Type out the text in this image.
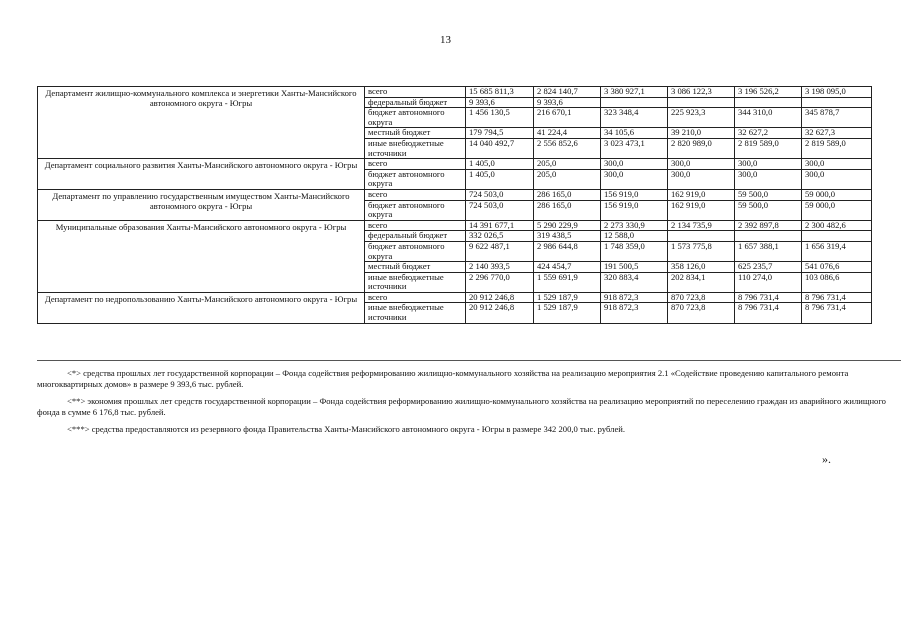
13
Департамент жилищно-коммунального комплекса и энергетики Ханты-Мансийского автономного округа - Югры	всего	15 685 811,3	2 824 140,7	3 380 927,1	3 086 122,3	3 196 526,2	3 198 095,0
	федеральный бюджет	9 393,6	9 393,6				
	бюджет автономного округа	1 456 130,5	216 670,1	323 348,4	225 923,3	344 310,0	345 878,7
	местный бюджет	179 794,5	41 224,4	34 105,6	39 210,0	32 627,2	32 627,3
	иные внебюджетные источники	14 040 492,7	2 556 852,6	3 023 473,1	2 820 989,0	2 819 589,0	2 819 589,0
Департамент социального развития Ханты-Мансийского автономного округа - Югры	всего	1 405,0	205,0	300,0	300,0	300,0	300,0
	бюджет автономного округа	1 405,0	205,0	300,0	300,0	300,0	300,0
Департамент по управлению государственным имуществом Ханты-Мансийского автономного округа - Югры	всего	724 503,0	286 165,0	156 919,0	162 919,0	59 500,0	59 000,0
	бюджет автономного округа	724 503,0	286 165,0	156 919,0	162 919,0	59 500,0	59 000,0
Муниципальные образования Ханты-Мансийского автономного округа - Югры	всего	14 391 677,1	5 290 229,9	2 273 330,9	2 134 735,9	2 392 897,8	2 300 482,6
	федеральный бюджет	332 026,5	319 438,5	12 588,0			
	бюджет автономного округа	9 622 487,1	2 986 644,8	1 748 359,0	1 573 775,8	1 657 388,1	1 656 319,4
	местный бюджет	2 140 393,5	424 454,7	191 500,5	358 126,0	625 235,7	541 076,6
	иные внебюджетные источники	2 296 770,0	1 559 691,9	320 883,4	202 834,1	110 274,0	103 086,6
Департамент по недропользованию Ханты-Мансийского автономного округа - Югры	всего	20 912 246,8	1 529 187,9	918 872,3	870 723,8	8 796 731,4	8 796 731,4
	иные внебюджетные источники	20 912 246,8	1 529 187,9	918 872,3	870 723,8	8 796 731,4	8 796 731,4

<*> средства прошлых лет государственной корпорации – Фонда содействия реформированию жилищно-коммунального хозяйства на реализацию мероприятия 2.1 «Содействие проведению капитального ремонта многоквартирных домов» в размере 9 393,6 тыс. рублей.

<**> экономия прошлых лет средств государственной корпорации – Фонда содействия реформированию жилищно-коммунального хозяйства на реализацию мероприятий по переселению граждан из аварийного жилищного фонда в сумме 6 176,8 тыс. рублей.

<***> средства предоставляются из резервного фонда Правительства Ханты-Мансийского автономного округа - Югры в размере 342 200,0 тыс. рублей.

».
